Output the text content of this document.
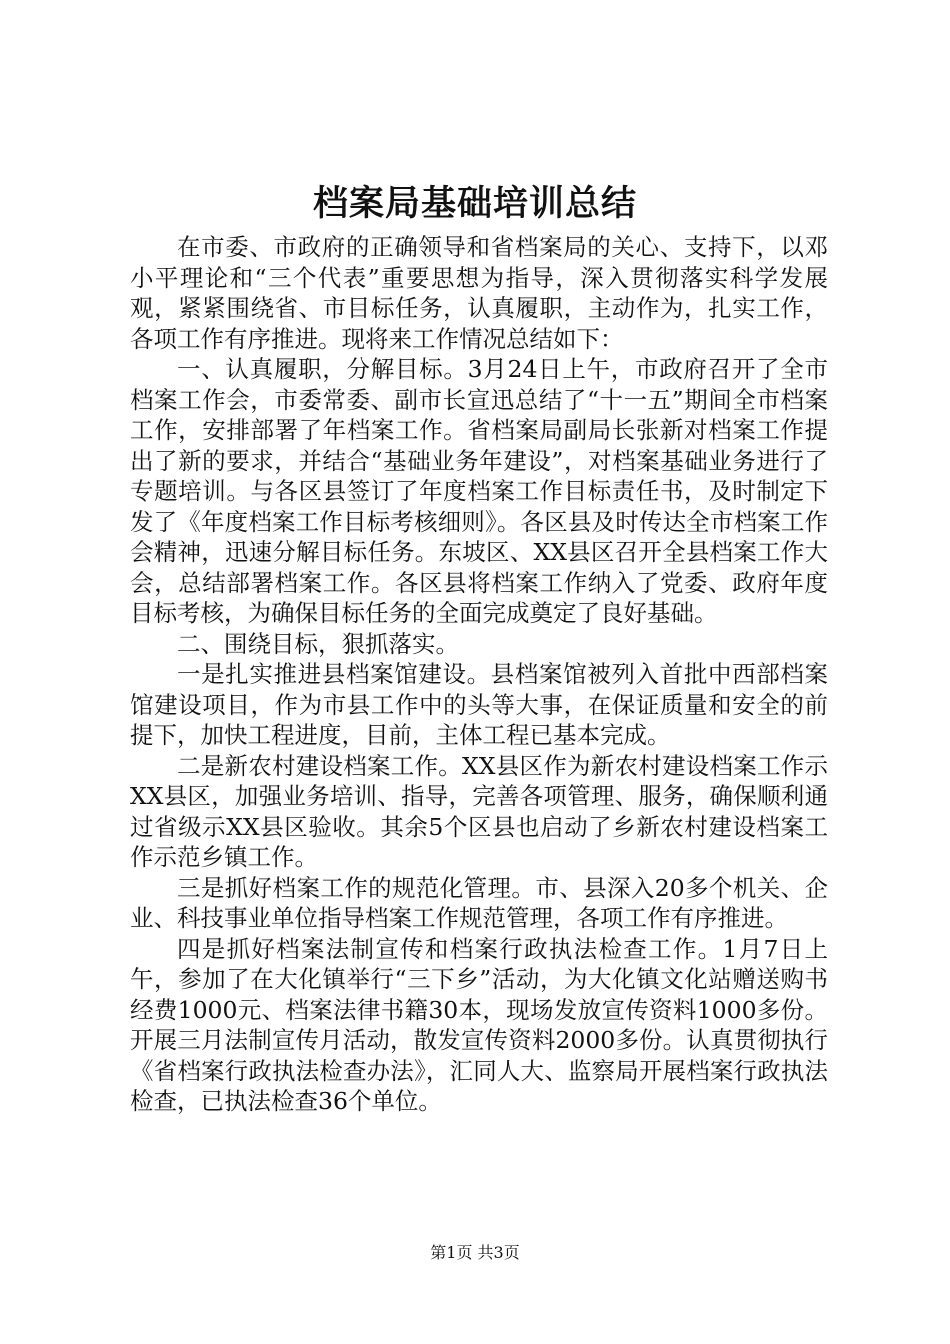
档案局基础培训总结

在市委、市政府的正确领导和省档案局的关心、支持下，以邓小平理论和“三个代表”重要思想为指导，深入贯彻落实科学发展观，紧紧围绕省、市目标任务，认真履职，主动作为，扎实工作，各项工作有序推进。现将来工作情况总结如下：

一、认真履职，分解目标。3月24日上午，市政府召开了全市档案工作会，市委常委、副市长宣迅总结了“十一五”期间全市档案工作，安排部署了年档案工作。省档案局副局长张新对档案工作提出了新的要求，并结合“基础业务年建设”，对档案基础业务进行了专题培训。与各区县签订了年度档案工作目标责任书，及时制定下发了《年度档案工作目标考核细则》。各区县及时传达全市档案工作会精神，迅速分解目标任务。东坡区、XX县区召开全县档案工作大会，总结部署档案工作。各区县将档案工作纳入了党委、政府年度目标考核，为确保目标任务的全面完成奠定了良好基础。

二、围绕目标，狠抓落实。

一是扎实推进县档案馆建设。县档案馆被列入首批中西部档案馆建设项目，作为市县工作中的头等大事，在保证质量和安全的前提下，加快工程进度，目前，主体工程已基本完成。

二是新农村建设档案工作。XX县区作为新农村建设档案工作示XX县区，加强业务培训、指导，完善各项管理、服务，确保顺利通过省级示XX县区验收。其余5个区县也启动了乡新农村建设档案工作示范乡镇工作。

三是抓好档案工作的规范化管理。市、县深入20多个机关、企业、科技事业单位指导档案工作规范管理，各项工作有序推进。

四是抓好档案法制宣传和档案行政执法检查工作。1月7日上午，参加了在大化镇举行“三下乡”活动，为大化镇文化站赠送购书经费1000元、档案法律书籍30本，现场发放宣传资料1000多份。开展三月法制宣传月活动，散发宣传资料2000多份。认真贯彻执行《省档案行政执法检查办法》，汇同人大、监察局开展档案行政执法检查，已执法检查36个单位。

第1页 共3页
